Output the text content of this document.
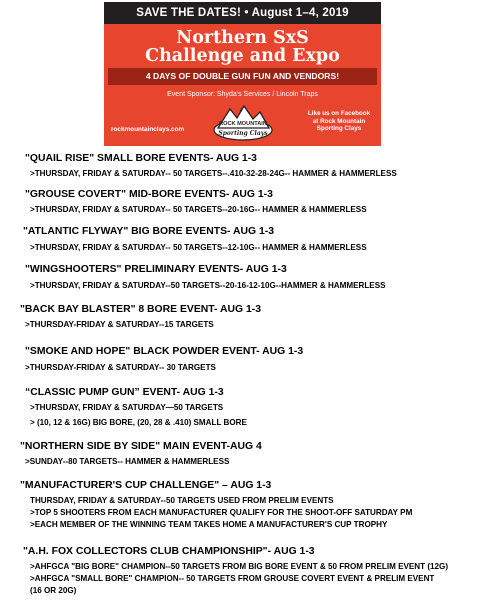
SAVE THE DATES! • August 1–4, 2019
Northern SxS
Challenge and Expo
4 DAYS OF DOUBLE GUN FUN AND VENDORS!
Event Sponsor: Shyda's Services / Lincoln Traps
rockmountainclays.com
ROCK MOUNTAIN
Sporting Clays
Like us on Facebook
at Rock Mountain
Sporting Clays
"QUAIL RISE" SMALL BORE EVENTS- AUG 1-3
>THURSDAY, FRIDAY & SATURDAY-- 50 TARGETS--.410-32-28-24G-- HAMMER & HAMMERLESS
"GROUSE COVERT" MID-BORE EVENTS- AUG 1-3
>THURSDAY, FRIDAY & SATURDAY-- 50 TARGETS--20-16G-- HAMMER & HAMMERLESS
"ATLANTIC FLYWAY" BIG BORE EVENTS- AUG 1-3
>THURSDAY, FRIDAY & SATURDAY-- 50 TARGETS--12-10G-- HAMMER & HAMMERLESS
"WINGSHOOTERS" PRELIMINARY EVENTS- AUG 1-3
>THURSDAY, FRIDAY & SATURDAY--50 TARGETS--20-16-12-10G--HAMMER & HAMMERLESS
"BACK BAY BLASTER" 8 BORE EVENT- AUG 1-3
>THURSDAY-FRIDAY & SATURDAY--15 TARGETS
"SMOKE AND HOPE" BLACK POWDER EVENT- AUG 1-3
>THURSDAY-FRIDAY & SATURDAY-- 30 TARGETS
“CLASSIC PUMP GUN” EVENT- AUG 1-3
>THURSDAY, FRIDAY & SATURDAY—50 TARGETS
> (10, 12 & 16G) BIG BORE, (20, 28 & .410) SMALL BORE
"NORTHERN SIDE BY SIDE" MAIN EVENT-AUG 4
>SUNDAY--80 TARGETS-- HAMMER & HAMMERLESS
"MANUFACTURER'S CUP CHALLENGE" – AUG 1-3
THURSDAY, FRIDAY & SATURDAY--50 TARGETS USED FROM PRELIM EVENTS
>TOP 5 SHOOTERS FROM EACH MANUFACTURER QUALIFY FOR THE SHOOT-OFF SATURDAY PM
>EACH MEMBER OF THE WINNING TEAM TAKES HOME A MANUFACTURER'S CUP TROPHY
"A.H. FOX COLLECTORS CLUB CHAMPIONSHIP"- AUG 1-3
>AHFGCA "BIG BORE" CHAMPION--50 TARGETS FROM BIG BORE EVENT & 50 FROM PRELIM EVENT (12G)
>AHFGCA "SMALL BORE" CHAMPION-- 50 TARGETS FROM GROUSE COVERT EVENT & PRELIM EVENT
(16 OR 20G)
